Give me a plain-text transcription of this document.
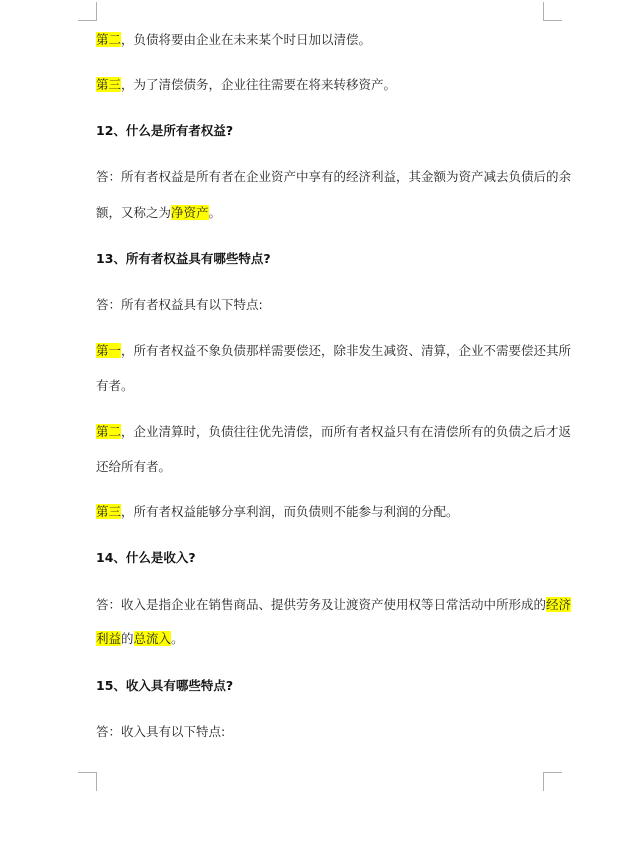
第二，负债将要由企业在未来某个时日加以清偿。

第三，为了清偿债务，企业往往需要在将来转移资产。

12、什么是所有者权益?

答：所有者权益是所有者在企业资产中享有的经济利益，其金额为资产减去负债后的余

额，又称之为净资产。

13、所有者权益具有哪些特点?

答：所有者权益具有以下特点:

第一，所有者权益不象负债那样需要偿还，除非发生减资、清算，企业不需要偿还其所

有者。

第二，企业清算时，负债往往优先清偿，而所有者权益只有在清偿所有的负债之后才返

还给所有者。

第三，所有者权益能够分享利润，而负债则不能参与利润的分配。

14、什么是收入?

答：收入是指企业在销售商品、提供劳务及让渡资产使用权等日常活动中所形成的经济

利益的总流入。

15、收入具有哪些特点?

答：收入具有以下特点:
